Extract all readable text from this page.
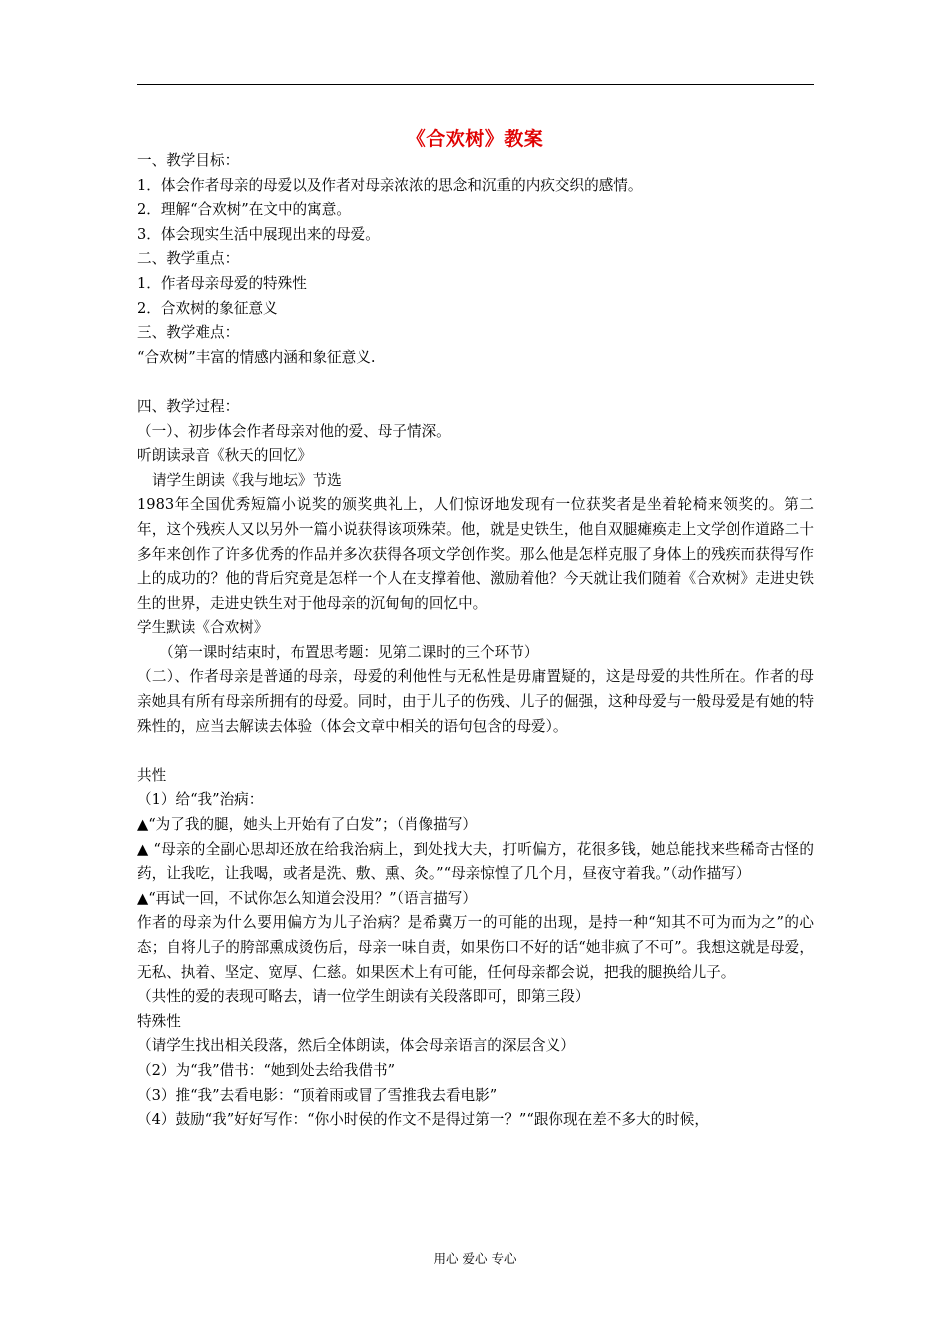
《合欢树》教案

一、教学目标：

1．体会作者母亲的母爱以及作者对母亲浓浓的思念和沉重的内疚交织的感情。

2．理解“合欢树”在文中的寓意。

3．体会现实生活中展现出来的母爱。

二、教学重点：

1．作者母亲母爱的特殊性

2．合欢树的象征意义

三、教学难点：

“合欢树”丰富的情感内涵和象征意义.

四、教学过程：

（一）、初步体会作者母亲对他的爱、母子情深。

听朗读录音《秋天的回忆》

请学生朗读《我与地坛》节选

1983年全国优秀短篇小说奖的颁奖典礼上，人们惊讶地发现有一位获奖者是坐着轮椅来领奖的。第二年，这个残疾人又以另外一篇小说获得该项殊荣。他，就是史铁生，他自双腿瘫痪走上文学创作道路二十多年来创作了许多优秀的作品并多次获得各项文学创作奖。那么他是怎样克服了身体上的残疾而获得写作上的成功的？他的背后究竟是怎样一个人在支撑着他、激励着他？今天就让我们随着《合欢树》走进史铁生的世界，走进史铁生对于他母亲的沉甸甸的回忆中。

学生默读《合欢树》

（第一课时结束时，布置思考题：见第二课时的三个环节）

（二）、作者母亲是普通的母亲，母爱的利他性与无私性是毋庸置疑的，这是母爱的共性所在。作者的母亲她具有所有母亲所拥有的母爱。同时，由于儿子的伤残、儿子的倔强，这种母爱与一般母爱是有她的特殊性的，应当去解读去体验（体会文章中相关的语句包含的母爱）。

共性

（1）给“我”治病：

▲“为了我的腿，她头上开始有了白发”；（肖像描写）

▲ “母亲的全副心思却还放在给我治病上，到处找大夫，打听偏方，花很多钱，她总能找来些稀奇古怪的药，让我吃，让我喝，或者是洗、敷、熏、灸。”“母亲惊惶了几个月，昼夜守着我。”（动作描写）

▲“再试一回，不试你怎么知道会没用？”（语言描写）

作者的母亲为什么要用偏方为儿子治病？是希冀万一的可能的出现，是持一种“知其不可为而为之”的心态；自将儿子的胯部熏成烫伤后，母亲一味自责，如果伤口不好的话“她非疯了不可”。我想这就是母爱，无私、执着、坚定、宽厚、仁慈。如果医术上有可能，任何母亲都会说，把我的腿换给儿子。

（共性的爱的表现可略去，请一位学生朗读有关段落即可，即第三段）

特殊性

（请学生找出相关段落，然后全体朗读，体会母亲语言的深层含义）

（2）为“我”借书：“她到处去给我借书”

（3）推“我”去看电影：“顶着雨或冒了雪推我去看电影”

（4）鼓励“我”好好写作：“你小时侯的作文不是得过第一？”“跟你现在差不多大的时候，

用心 爱心 专心
